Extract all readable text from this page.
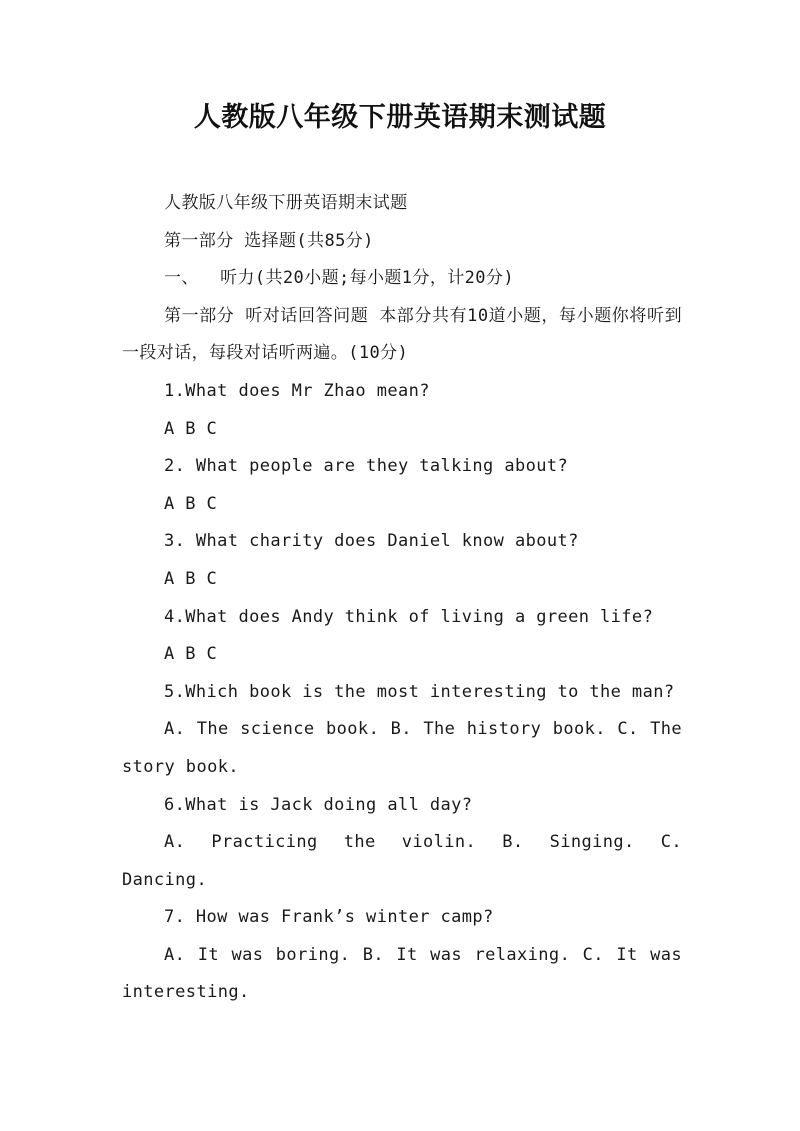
人教版八年级下册英语期末测试题

人教版八年级下册英语期末试题

第一部分 选择题(共85分)

一、  听力(共20小题;每小题1分，计20分)

第一部分 听对话回答问题 本部分共有10道小题，每小题你将听到一段对话，每段对话听两遍。(10分)

1.What does Mr Zhao mean?

A B C

2. What people are they talking about?

A B C

3. What charity does Daniel know about?

A B C

4.What does Andy think of living a green life?

A B C

5.Which book is the most interesting to the man?

A. The science book. B. The history book. C. The story book.

6.What is Jack doing all day?

A. Practicing the violin. B. Singing. C. Dancing.

7. How was Frank’s winter camp?

A. It was boring. B. It was relaxing. C. It was interesting.
